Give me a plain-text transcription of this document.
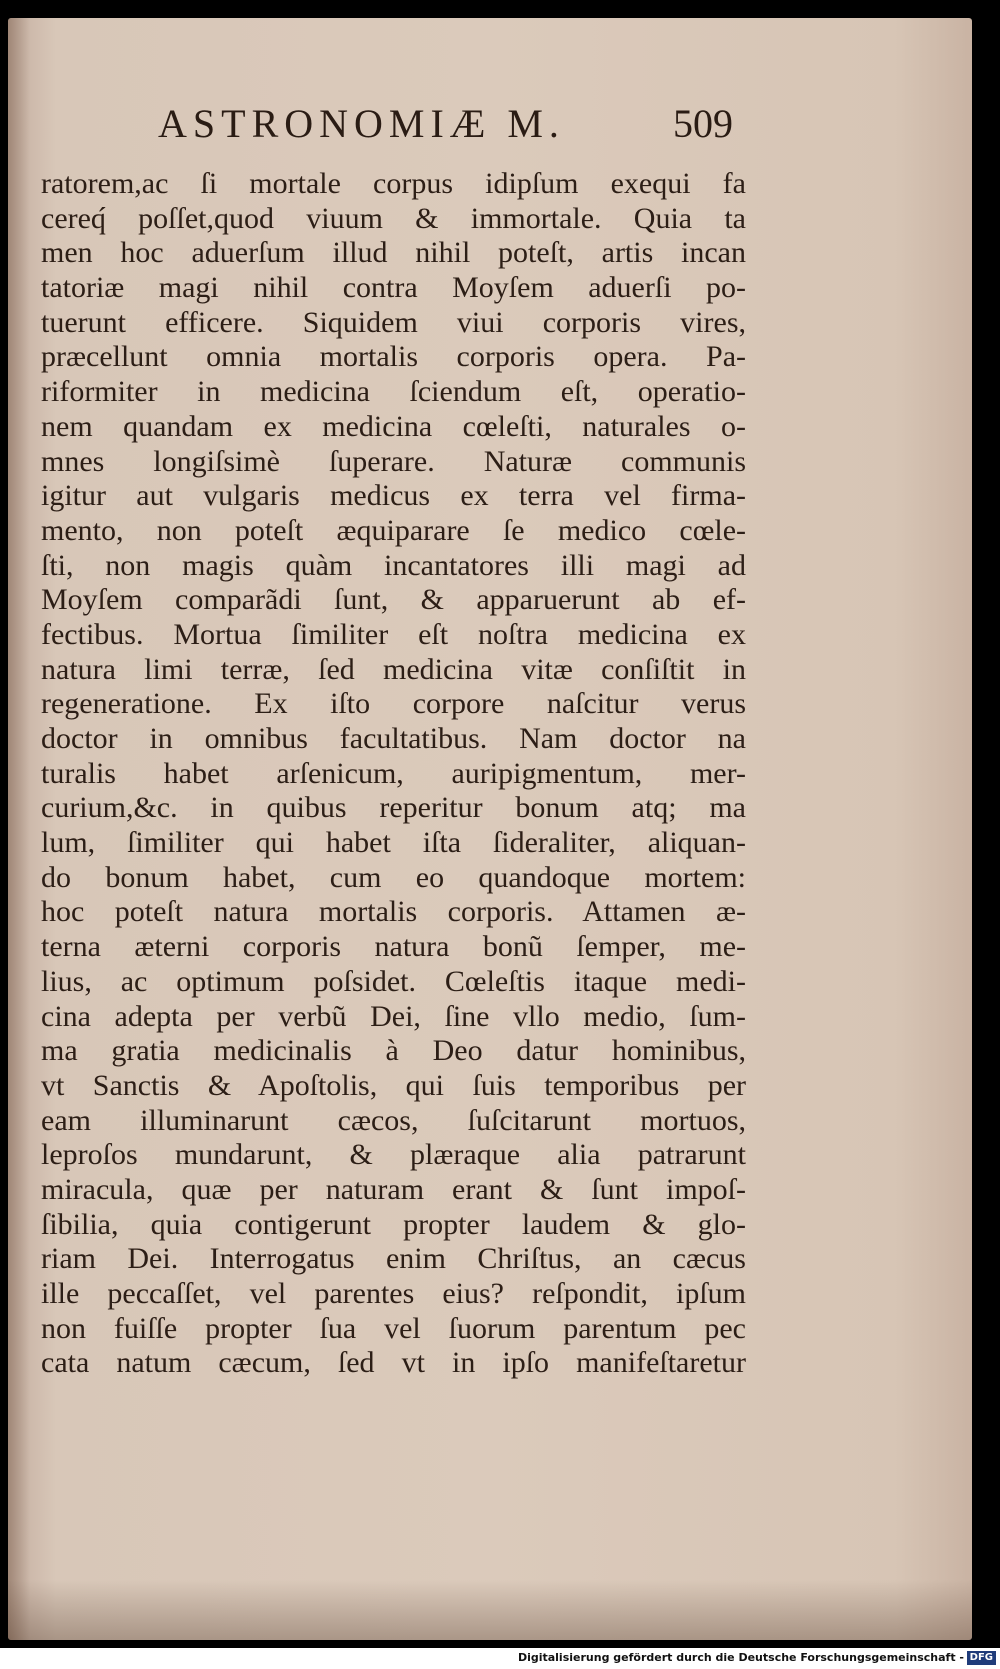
ASTRONOMIÆ M.	509
ratorem,ac ſi mortale corpus idipſum exequi fa
cereq́ poſſet,quod viuum & immortale. Quia ta
men hoc aduerſum illud nihil poteſt, artis incan
tatoriæ magi nihil contra Moyſem aduerſi po-
tuerunt efficere. Siquidem viui corporis vires,
præcellunt omnia mortalis corporis opera. Pa-
riformiter in medicina ſciendum eſt, operatio-
nem quandam ex medicina cœleſti, naturales o-
mnes longiſsimè ſuperare. Naturæ communis
igitur aut vulgaris medicus ex terra vel firma-
mento, non poteſt æquiparare ſe medico cœle-
ſti, non magis quàm incantatores illi magi ad
Moyſem comparãdi ſunt, & apparuerunt ab ef-
fectibus. Mortua ſimiliter eſt noſtra medicina ex
natura limi terræ, ſed medicina vitæ conſiſtit in
regeneratione. Ex iſto corpore naſcitur verus
doctor in omnibus facultatibus. Nam doctor na
turalis habet arſenicum, auripigmentum, mer-
curium,&c. in quibus reperitur bonum atq; ma
lum, ſimiliter qui habet iſta ſideraliter, aliquan-
do bonum habet, cum eo quandoque mortem:
hoc poteſt natura mortalis corporis. Attamen æ-
terna æterni corporis natura bonũ ſemper, me-
lius, ac optimum poſsidet. Cœleſtis itaque medi-
cina adepta per verbũ Dei, ſine vllo medio, ſum-
ma gratia medicinalis à Deo datur hominibus,
vt Sanctis & Apoſtolis, qui ſuis temporibus per
eam illuminarunt cæcos, ſuſcitarunt mortuos,
leproſos mundarunt, & plæraque alia patrarunt
miracula, quæ per naturam erant & ſunt impoſ-
ſibilia, quia contigerunt propter laudem & glo-
riam Dei. Interrogatus enim Chriſtus, an cæcus
ille peccaſſet, vel parentes eius? reſpondit, ipſum
non fuiſſe propter ſua vel ſuorum parentum pec
cata natum cæcum, ſed vt in ipſo manifeſtaretur
Digitalisierung gefördert durch die Deutsche Forschungsgemeinschaft - DFG
